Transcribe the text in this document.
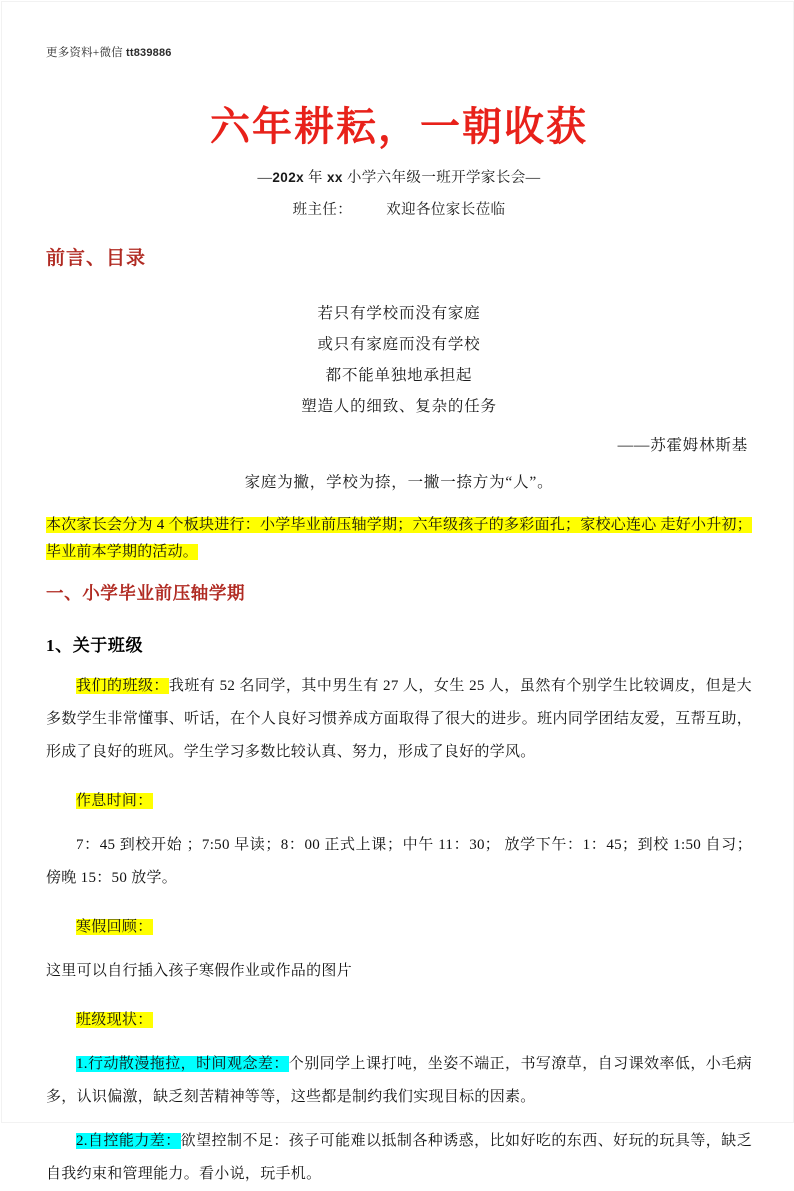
更多资料+微信 tt839886
六年耕耘，一朝收获
—202x 年 xx 小学六年级一班开学家长会—
班主任： 欢迎各位家长莅临
前言、目录
若只有学校而没有家庭
或只有家庭而没有学校
都不能单独地承担起
塑造人的细致、复杂的任务
——苏霍姆林斯基
家庭为撇，学校为捺，一撇一捺方为“人”。

本次家长会分为 4 个板块进行：小学毕业前压轴学期；六年级孩子的多彩面孔；家校心连心 走好小升初；毕业前本学期的活动。

一、小学毕业前压轴学期
1、关于班级

我们的班级：我班有 52 名同学，其中男生有 27 人，女生 25 人，虽然有个别学生比较调皮，但是大多数学生非常懂事、听话，在个人良好习惯养成方面取得了很大的进步。班内同学团结友爱，互帮互助，形成了良好的班风。学生学习多数比较认真、努力，形成了良好的学风。

作息时间：

7：45 到校开始 ；7:50 早读；8：00 正式上课；中午 11：30； 放学下午：1：45；到校 1:50 自习；傍晚 15：50 放学。

寒假回顾：

这里可以自行插入孩子寒假作业或作品的图片

班级现状：

1.行动散漫拖拉，时间观念差：个别同学上课打吨，坐姿不端正，书写潦草，自习课效率低，小毛病多，认识偏激，缺乏刻苦精神等等，这些都是制约我们实现目标的因素。

2.自控能力差：欲望控制不足：孩子可能难以抵制各种诱惑，比如好吃的东西、好玩的玩具等，缺乏自我约束和管理能力。看小说，玩手机。
